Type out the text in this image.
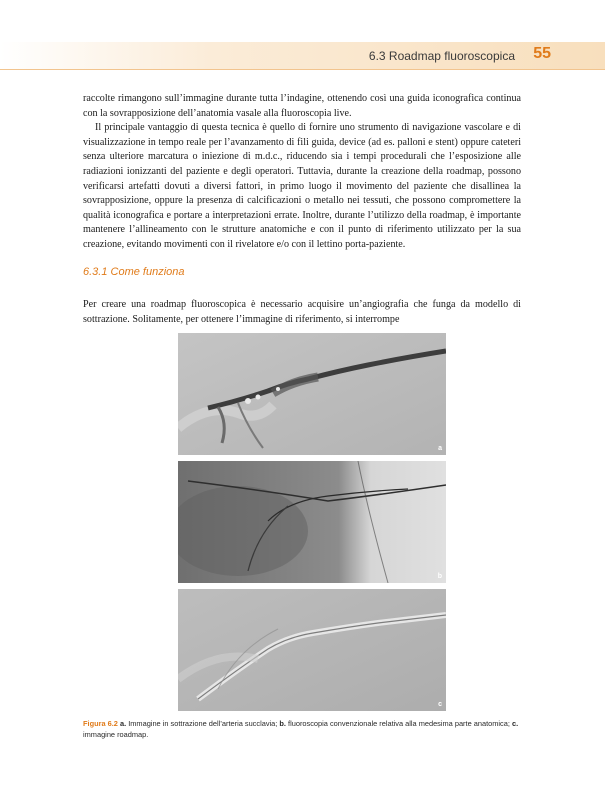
6.3 Roadmap fluoroscopica 55

raccolte rimangono sull’immagine durante tutta l’indagine, ottenendo così una guida iconografica continua con la sovrapposizione dell’anatomia vasale alla fluoroscopia live.

Il principale vantaggio di questa tecnica è quello di fornire uno strumento di navigazione vascolare e di visualizzazione in tempo reale per l’avanzamento di fili guida, device (ad es. palloni e stent) oppure cateteri senza ulteriore marcatura o iniezione di m.d.c., riducendo sia i tempi procedurali che l’esposizione alle radiazioni ionizzanti del paziente e degli operatori. Tuttavia, durante la creazione della roadmap, possono verificarsi artefatti dovuti a diversi fattori, in primo luogo il movimento del paziente che disallinea la sovrapposizione, oppure la presenza di calcificazioni o metallo nei tessuti, che possono compromettere la qualità iconografica e portare a interpretazioni errate. Inoltre, durante l’utilizzo della roadmap, è importante mantenere l’allineamento con le strutture anatomiche e con il punto di riferimento utilizzato per la sua creazione, evitando movimenti con il rivelatore e/o con il lettino porta-paziente.

6.3.1 Come funziona

Per creare una roadmap fluoroscopica è necessario acquisire un’angiografia che funga da modello di sottrazione. Solitamente, per ottenere l’immagine di riferimento, si interrompe

a
b
c
Figura 6.2 a. Immagine in sottrazione dell’arteria succlavia; b. fluoroscopia convenzionale relativa alla medesima parte anatomica; c. immagine roadmap.
